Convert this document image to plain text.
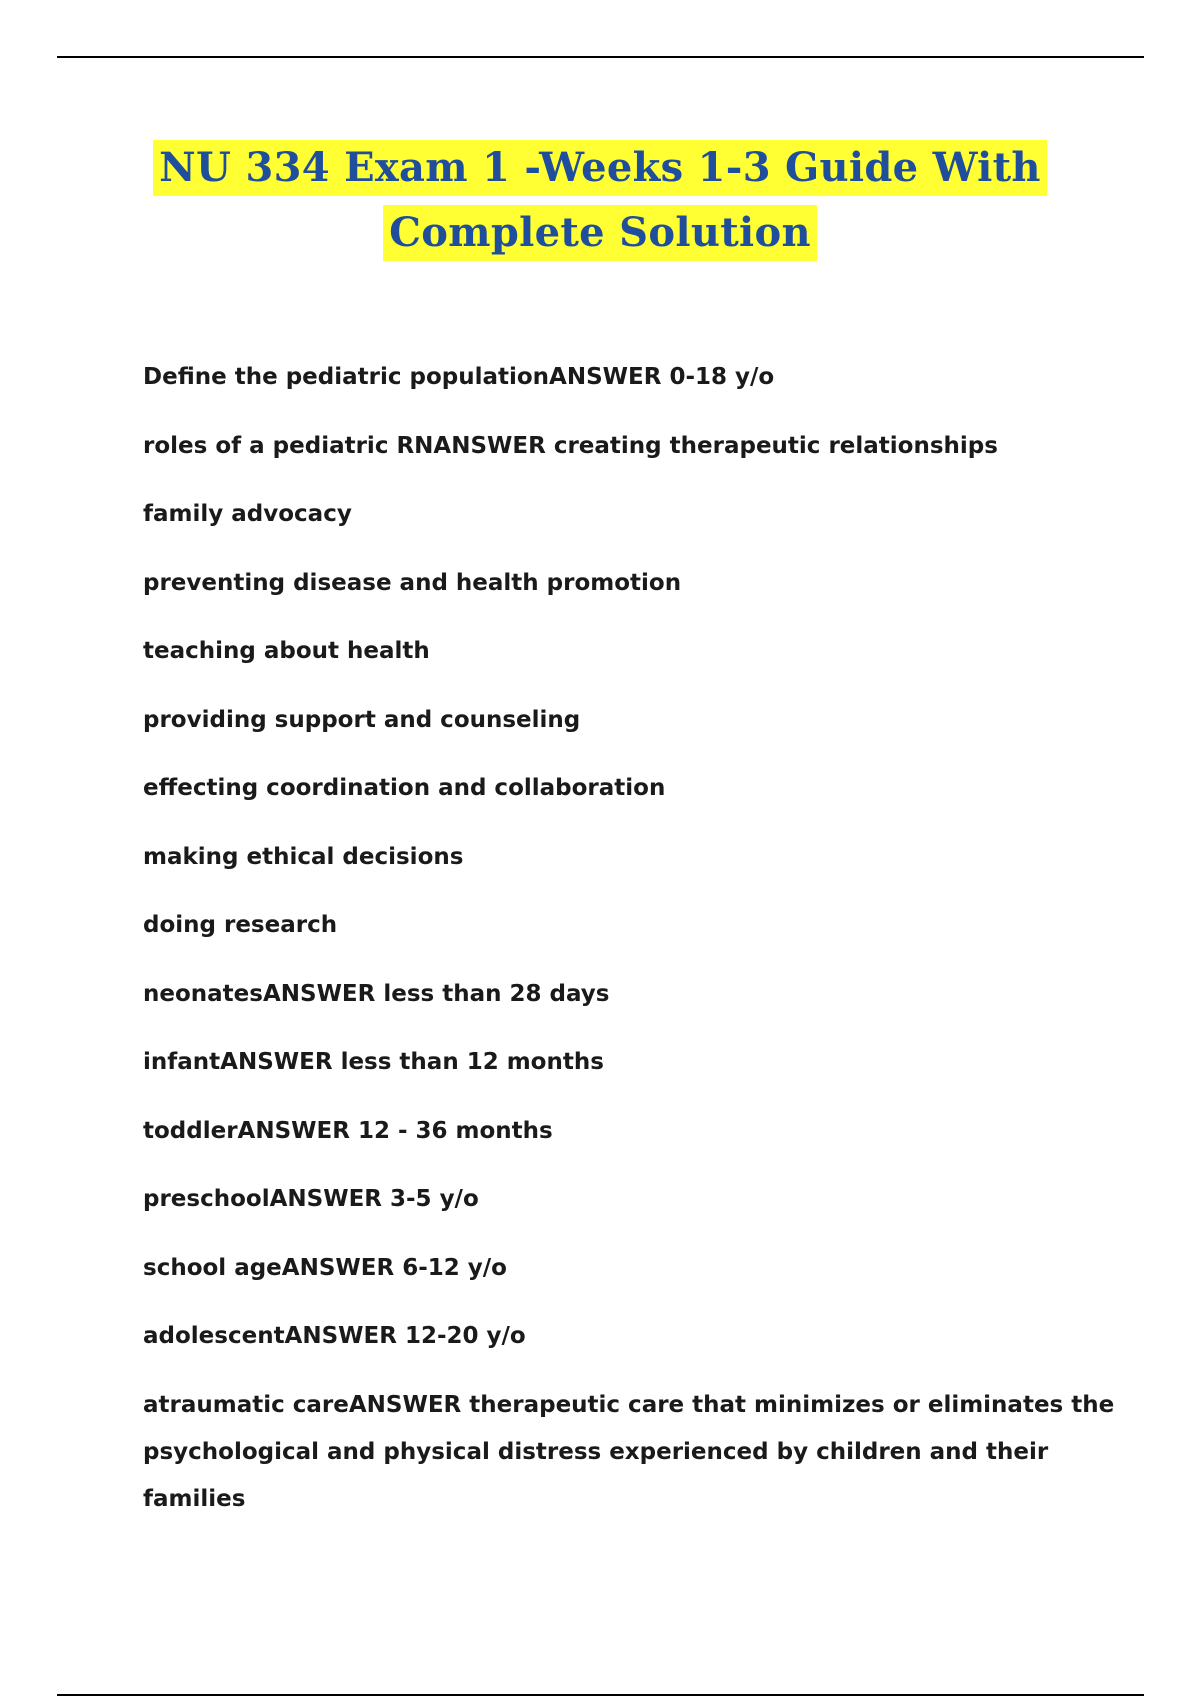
NU 334 Exam 1 -Weeks 1-3 Guide With
Complete Solution
Define the pediatric populationANSWER 0-18 y/o
roles of a pediatric RNANSWER creating therapeutic relationships
family advocacy
preventing disease and health promotion
teaching about health
providing support and counseling
effecting coordination and collaboration
making ethical decisions
doing research
neonatesANSWER less than 28 days
infantANSWER less than 12 months
toddlerANSWER 12 - 36 months
preschoolANSWER 3-5 y/o
school ageANSWER 6-12 y/o
adolescentANSWER 12-20 y/o
atraumatic careANSWER therapeutic care that minimizes or eliminates the psychological and physical distress experienced by children and their families
